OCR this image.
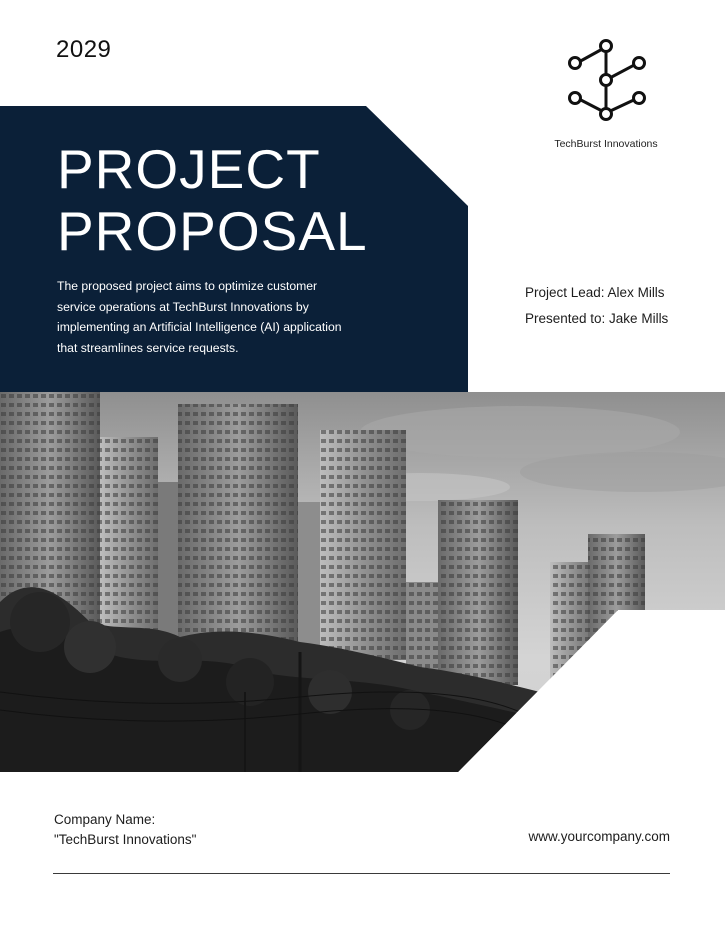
2029
TechBurst Innovations
PROJECT
PROPOSAL

The proposed project aims to optimize customer service operations at TechBurst Innovations by implementing an Artificial Intelligence (AI) application that streamlines service requests.

Project Lead: Alex Mills
Presented to: Jake Mills
Company Name:
"TechBurst Innovations"	www.yourcompany.com
